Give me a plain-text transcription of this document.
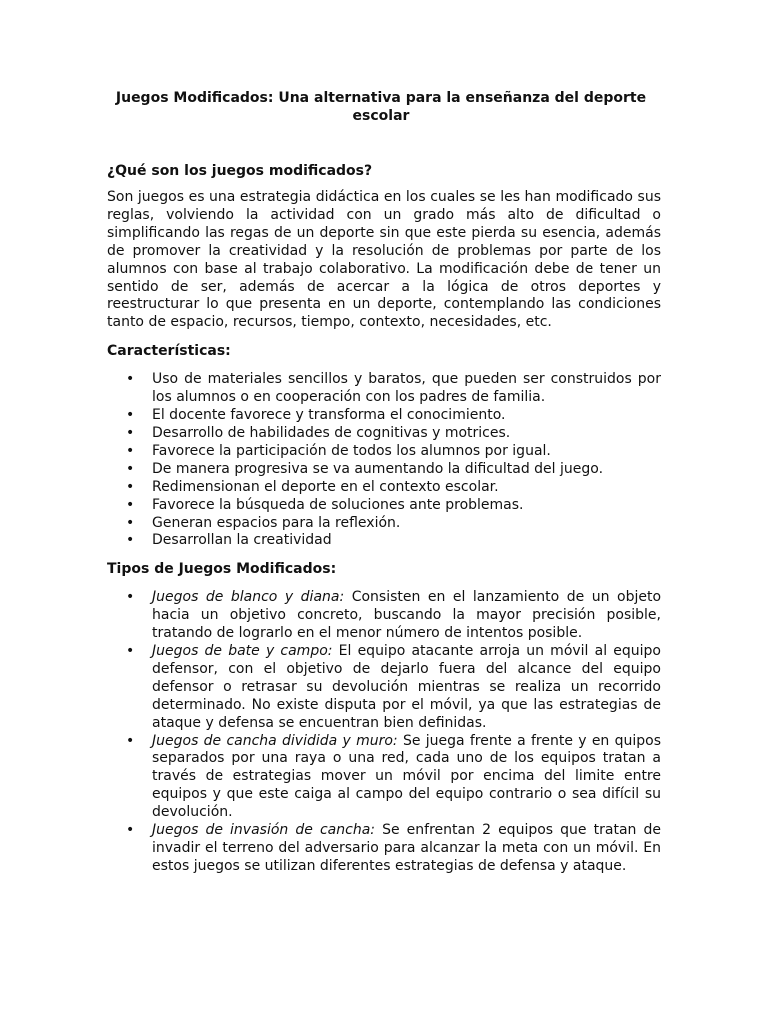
Juegos Modificados: Una alternativa para la enseñanza del deporte
escolar
¿Qué son los juegos modificados?

Son juegos es una estrategia didáctica en los cuales se les han modificado sus reglas, volviendo la actividad con un grado más alto de dificultad o simplificando las regas de un deporte sin que este pierda su esencia, además de promover la creatividad y la resolución de problemas por parte de los alumnos con base al trabajo colaborativo. La modificación debe de tener un sentido de ser, además de acercar a la lógica de otros deportes y reestructurar lo que presenta en un deporte, contemplando las condiciones tanto de espacio, recursos, tiempo, contexto, necesidades, etc.

Características:
• Uso de materiales sencillos y baratos, que pueden ser construidos por los alumnos o en cooperación con los padres de familia.
• El docente favorece y transforma el conocimiento.
• Desarrollo de habilidades de cognitivas y motrices.
• Favorece la participación de todos los alumnos por igual.
• De manera progresiva se va aumentando la dificultad del juego.
• Redimensionan el deporte en el contexto escolar.
• Favorece la búsqueda de soluciones ante problemas.
• Generan espacios para la reflexión.
• Desarrollan la creatividad
Tipos de Juegos Modificados:
• Juegos de blanco y diana: Consisten en el lanzamiento de un objeto hacia un objetivo concreto, buscando la mayor precisión posible, tratando de lograrlo en el menor número de intentos posible.
• Juegos de bate y campo: El equipo atacante arroja un móvil al equipo defensor, con el objetivo de dejarlo fuera del alcance del equipo defensor o retrasar su devolución mientras se realiza un recorrido determinado. No existe disputa por el móvil, ya que las estrategias de ataque y defensa se encuentran bien definidas.
• Juegos de cancha dividida y muro: Se juega frente a frente y en quipos separados por una raya o una red, cada uno de los equipos tratan a través de estrategias mover un móvil por encima del limite entre equipos y que este caiga al campo del equipo contrario o sea difícil su devolución.
• Juegos de invasión de cancha: Se enfrentan 2 equipos que tratan de invadir el terreno del adversario para alcanzar la meta con un móvil. En estos juegos se utilizan diferentes estrategias de defensa y ataque.
